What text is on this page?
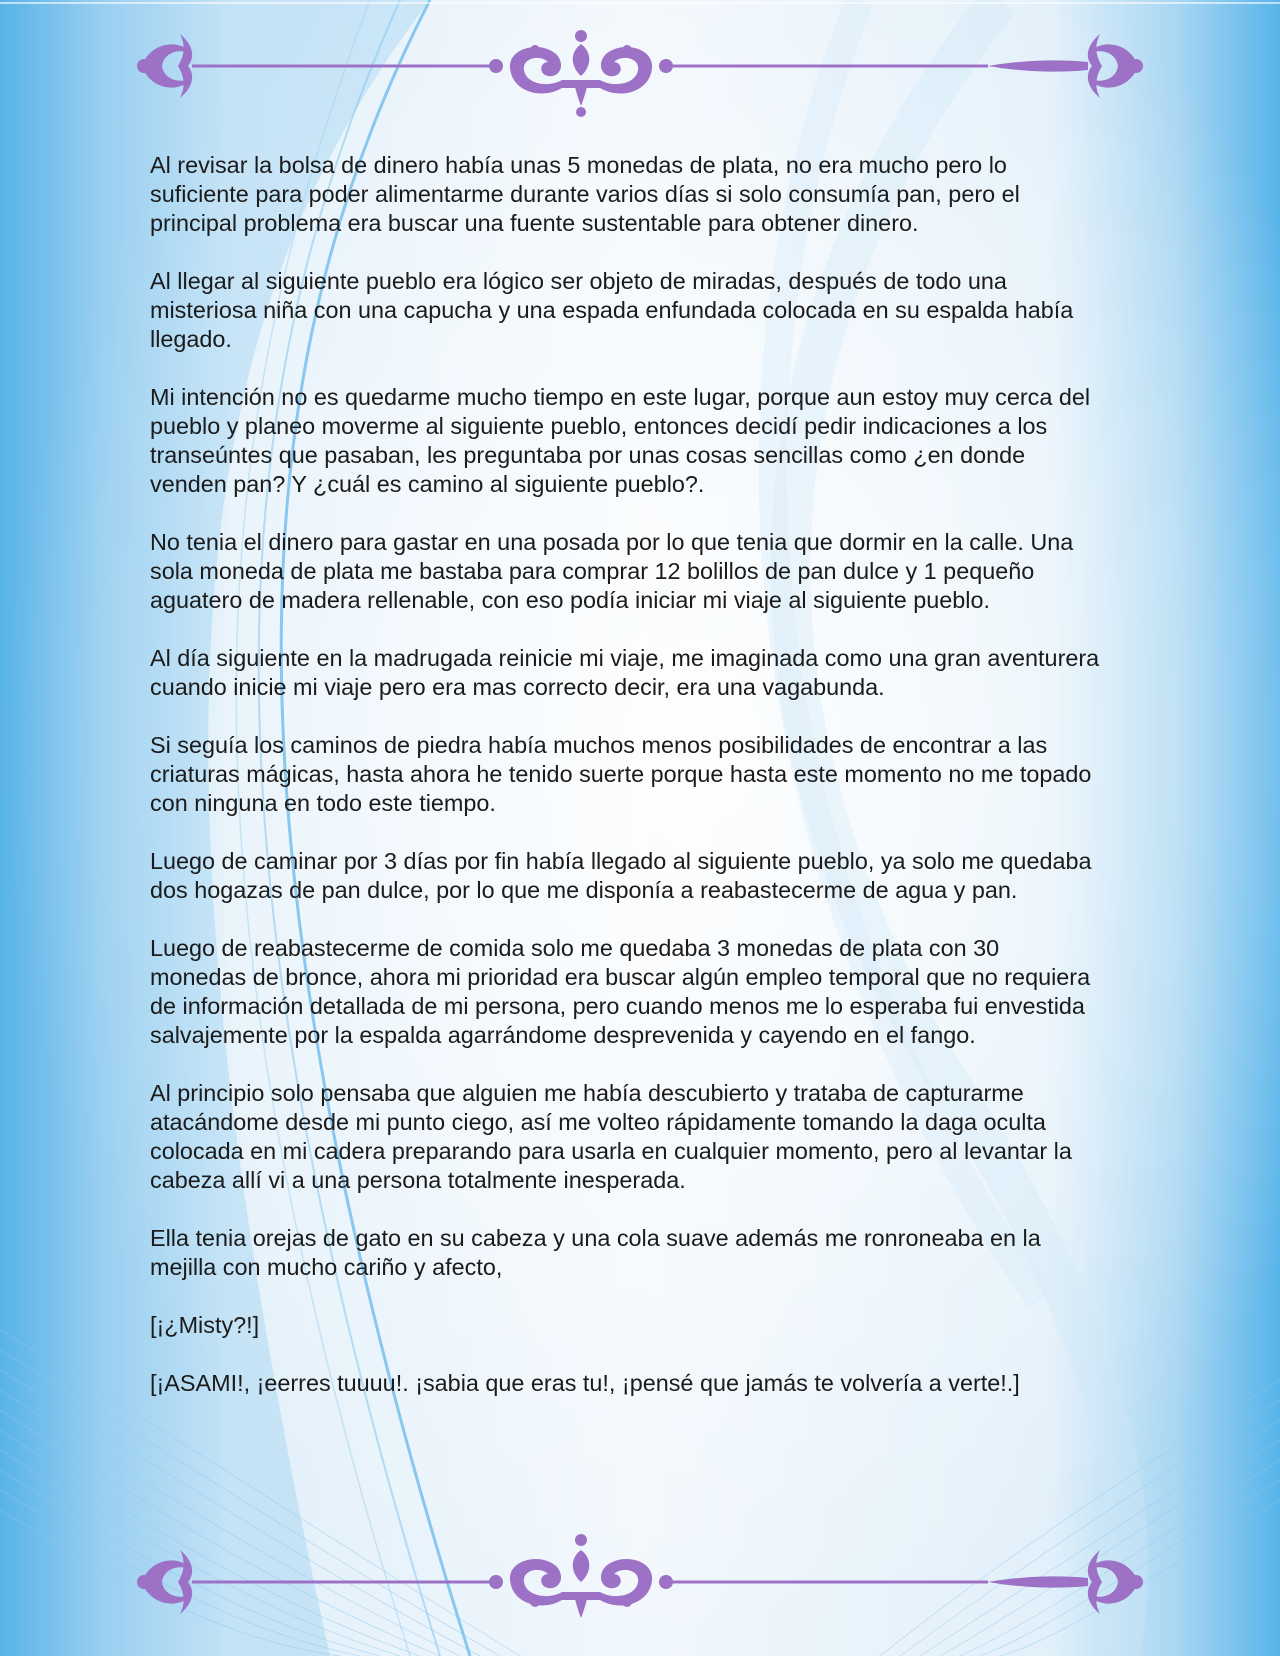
Al revisar la bolsa de dinero había unas 5 monedas de plata, no era mucho pero lo suficiente para poder alimentarme durante varios días si solo consumía pan, pero el principal problema era buscar una fuente sustentable para obtener dinero.

Al llegar al siguiente pueblo era lógico ser objeto de miradas, después de todo una misteriosa niña con una capucha y una espada enfundada colocada en su espalda había llegado.

Mi intención no es quedarme mucho tiempo en este lugar, porque aun estoy muy cerca del pueblo y planeo moverme al siguiente pueblo, entonces decidí pedir indicaciones a los transeúntes que pasaban, les preguntaba por unas cosas sencillas como ¿en donde venden pan? Y ¿cuál es camino al siguiente pueblo?.

No tenia el dinero para gastar en una posada por lo que tenia que dormir en la calle. Una sola moneda de plata me bastaba para comprar 12 bolillos de pan dulce y 1 pequeño aguatero de madera rellenable, con eso podía iniciar mi viaje al siguiente pueblo.

Al día siguiente en la madrugada reinicie mi viaje, me imaginada como una gran aventurera cuando inicie mi viaje pero era mas correcto decir, era una vagabunda.

Si seguía los caminos de piedra había muchos menos posibilidades de encontrar a las criaturas mágicas, hasta ahora he tenido suerte porque hasta este momento no me topado con ninguna en todo este tiempo.

Luego de caminar por 3 días por fin había llegado al siguiente pueblo, ya solo me quedaba dos hogazas de pan dulce, por lo que me disponía a reabastecerme de agua y pan.

Luego de reabastecerme de comida solo me quedaba 3 monedas de plata con 30 monedas de bronce, ahora mi prioridad era buscar algún empleo temporal que no requiera de información detallada de mi persona, pero cuando menos me lo esperaba fui envestida salvajemente por la espalda agarrándome desprevenida y cayendo en el fango.

Al principio solo pensaba que alguien me había descubierto y trataba de capturarme atacándome desde mi punto ciego, así me volteo rápidamente tomando la daga oculta colocada en mi cadera preparando para usarla en cualquier momento, pero al levantar la cabeza allí vi a una persona totalmente inesperada.

Ella tenia orejas de gato en su cabeza y una cola suave además me ronroneaba en la mejilla con mucho cariño y afecto,

[¡¿Misty?!]

[¡ASAMI!, ¡eerres tuuuu!. ¡sabia que eras tu!, ¡pensé que jamás te volvería a verte!.]
